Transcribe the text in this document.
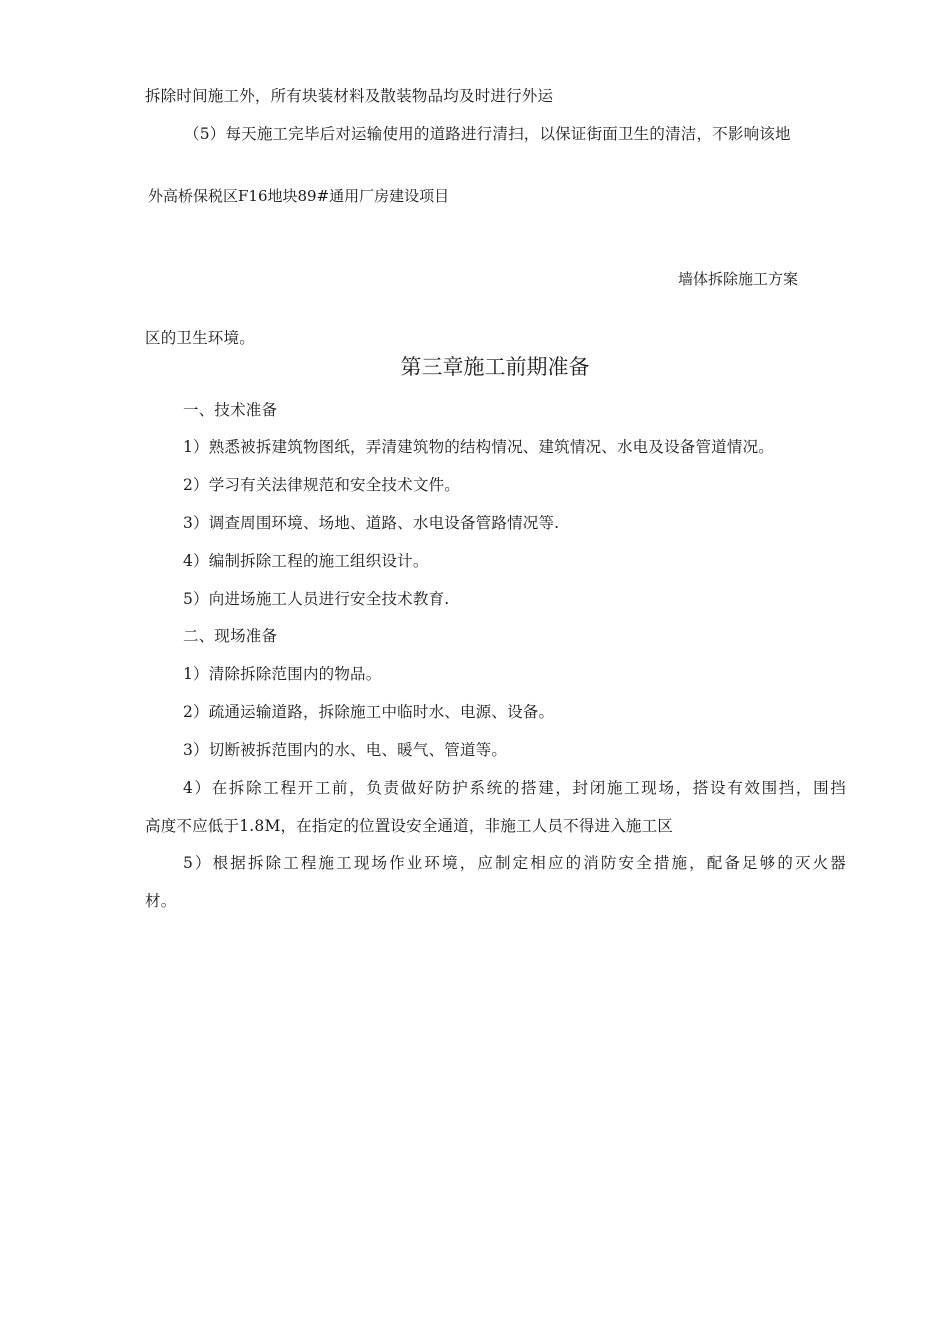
拆除时间施工外，所有块装材料及散装物品均及时进行外运
（5）每天施工完毕后对运输使用的道路进行清扫，以保证街面卫生的清洁，不影响该地
外高桥保税区F16地块89#通用厂房建设项目
墙体拆除施工方案
区的卫生环境。
第三章施工前期准备
一、技术准备
1）熟悉被拆建筑物图纸，弄清建筑物的结构情况、建筑情况、水电及设备管道情况。
2）学习有关法律规范和安全技术文件。
3）调查周围环境、场地、道路、水电设备管路情况等.
4）编制拆除工程的施工组织设计。
5）向进场施工人员进行安全技术教育.
二、现场准备
1）清除拆除范围内的物品。
2）疏通运输道路，拆除施工中临时水、电源、设备。
3）切断被拆范围内的水、电、暖气、管道等。
4）在拆除工程开工前，负责做好防护系统的搭建，封闭施工现场，搭设有效围挡，围挡
高度不应低于1.8M，在指定的位置设安全通道，非施工人员不得进入施工区
5）根据拆除工程施工现场作业环境，应制定相应的消防安全措施，配备足够的灭火器
材。
